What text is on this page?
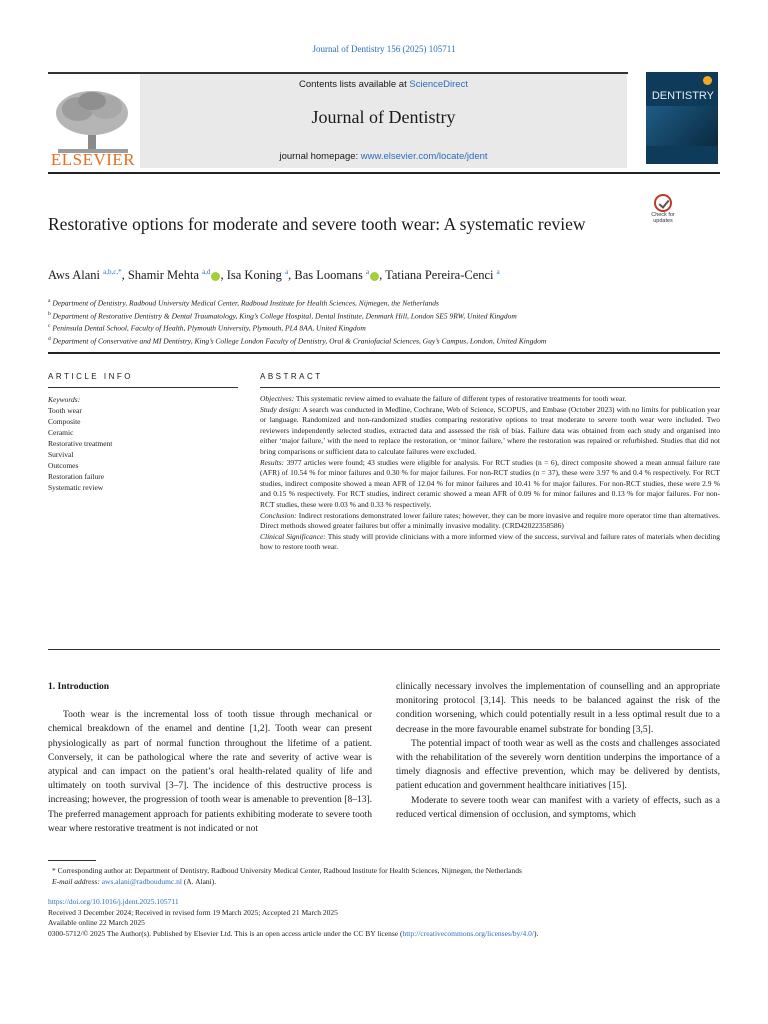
Journal of Dentistry 156 (2025) 105711
ELSEVIER
Contents lists available at ScienceDirect
Journal of Dentistry
journal homepage: www.elsevier.com/locate/jdent
DENTISTRY
Check for
updates
Restorative options for moderate and severe tooth wear: A systematic review
Aws Alani $^{a,b,c,*}$, Shamir Mehta $^{a,d}$ , Isa Koning $^a$, Bas Loomans $^a$ , Tatiana Pereira-Cenci $^a$
$^a$ Department of Dentistry, Radboud University Medical Center, Radboud Institute for Health Sciences, Nijmegen, the Netherlands
$^b$ Department of Restorative Dentistry & Dental Traumatology, King’s College Hospital, Dental Institute, Denmark Hill, London SE5 9RW, United Kingdom
$^c$ Peninsula Dental School, Faculty of Health, Plymouth University, Plymouth, PL4 8AA, United Kingdom
$^d$ Department of Conservative and MI Dentistry, King’s College London Faculty of Dentistry, Oral & Craniofacial Sciences, Guy’s Campus, London, United Kingdom
ARTICLE INFO	ABSTRACT
Keywords:
Tooth wear
Composite
Ceramic
Restorative treatment
Survival
Outcomes
Restoration failure
Systematic review

Objectives: This systematic review aimed to evaluate the failure of different types of restorative treatments for tooth wear.

Study design: A search was conducted in Medline, Cochrane, Web of Science, SCOPUS, and Embase (October 2023) with no limits for publication year or language. Randomized and non-randomized studies comparing restorative options to treat moderate to severe tooth wear were included. Two reviewers independently selected studies, extracted data and assessed the risk of bias. Failure data was obtained from each study and organised into either ‘major failure,’ with the need to replace the restoration, or ‘minor failure,’ where the restoration was repaired or refurbished. Studies that did not bring comparisons or sufficient data to calculate failures were excluded.

Results: 3977 articles were found; 43 studies were eligible for analysis. For RCT studies (n = 6), direct composite showed a mean annual failure rate (AFR) of 10.54 % for minor failures and 0.30 % for major failures. For non-RCT studies (n = 37), these were 3.97 % and 0.4 % respectively. For RCT studies, indirect composite showed a mean AFR of 12.04 % for minor failures and 10.41 % for major failures. For non-RCT studies, these were 2.9 % and 0.15 % respectively. For RCT studies, indirect ceramic showed a mean AFR of 0.09 % for minor failures and 0.13 % for major failures. For non-RCT studies, these were 0.03 % and 0.33 % respectively.

Conclusion: Indirect restorations demonstrated lower failure rates; however, they can be more invasive and require more operator time than alternatives. Direct methods showed greater failures but offer a minimally invasive modality. (CRD42022358586)

Clinical Significance: This study will provide clinicians with a more informed view of the success, survival and failure rates of materials when deciding how to restore tooth wear.

1. Introduction

Tooth wear is the incremental loss of tooth tissue through mechanical or chemical breakdown of the enamel and dentine [1,2]. Tooth wear can present physiologically as part of normal function throughout the lifetime of a patient. Conversely, it can be pathological where the rate and severity of active wear is atypical and can impact on the patient’s oral health-related quality of life and ultimately on tooth survival [3–7]. The incidence of this destructive process is increasing; however, the progression of tooth wear is amenable to prevention [8–13]. The preferred management approach for patients exhibiting moderate to severe tooth wear where restorative treatment is not indicated or not

clinically necessary involves the implementation of counselling and an appropriate monitoring protocol [3,14]. This needs to be balanced against the risk of the condition worsening, which could potentially result in a less optimal result due to a decrease in the more favourable enamel substrate for bonding [3,5].

The potential impact of tooth wear as well as the costs and challenges associated with the rehabilitation of the severely worn dentition underpins the importance of a timely diagnosis and effective prevention, which may be delivered by dentists, patient education and government healthcare initiatives [15].

Moderate to severe tooth wear can manifest with a variety of effects, such as a reduced vertical dimension of occlusion, and symptoms, which

* Corresponding author at: Department of Dentistry, Radboud University Medical Center, Radboud Institute for Health Sciences, Nijmegen, the Netherlands
E-mail address: aws.alani@radboudumc.nl (A. Alani).
https://doi.org/10.1016/j.jdent.2025.105711
Received 3 December 2024; Received in revised form 19 March 2025; Accepted 21 March 2025
Available online 22 March 2025
0300-5712/© 2025 The Author(s). Published by Elsevier Ltd. This is an open access article under the CC BY license (http://creativecommons.org/licenses/by/4.0/).
